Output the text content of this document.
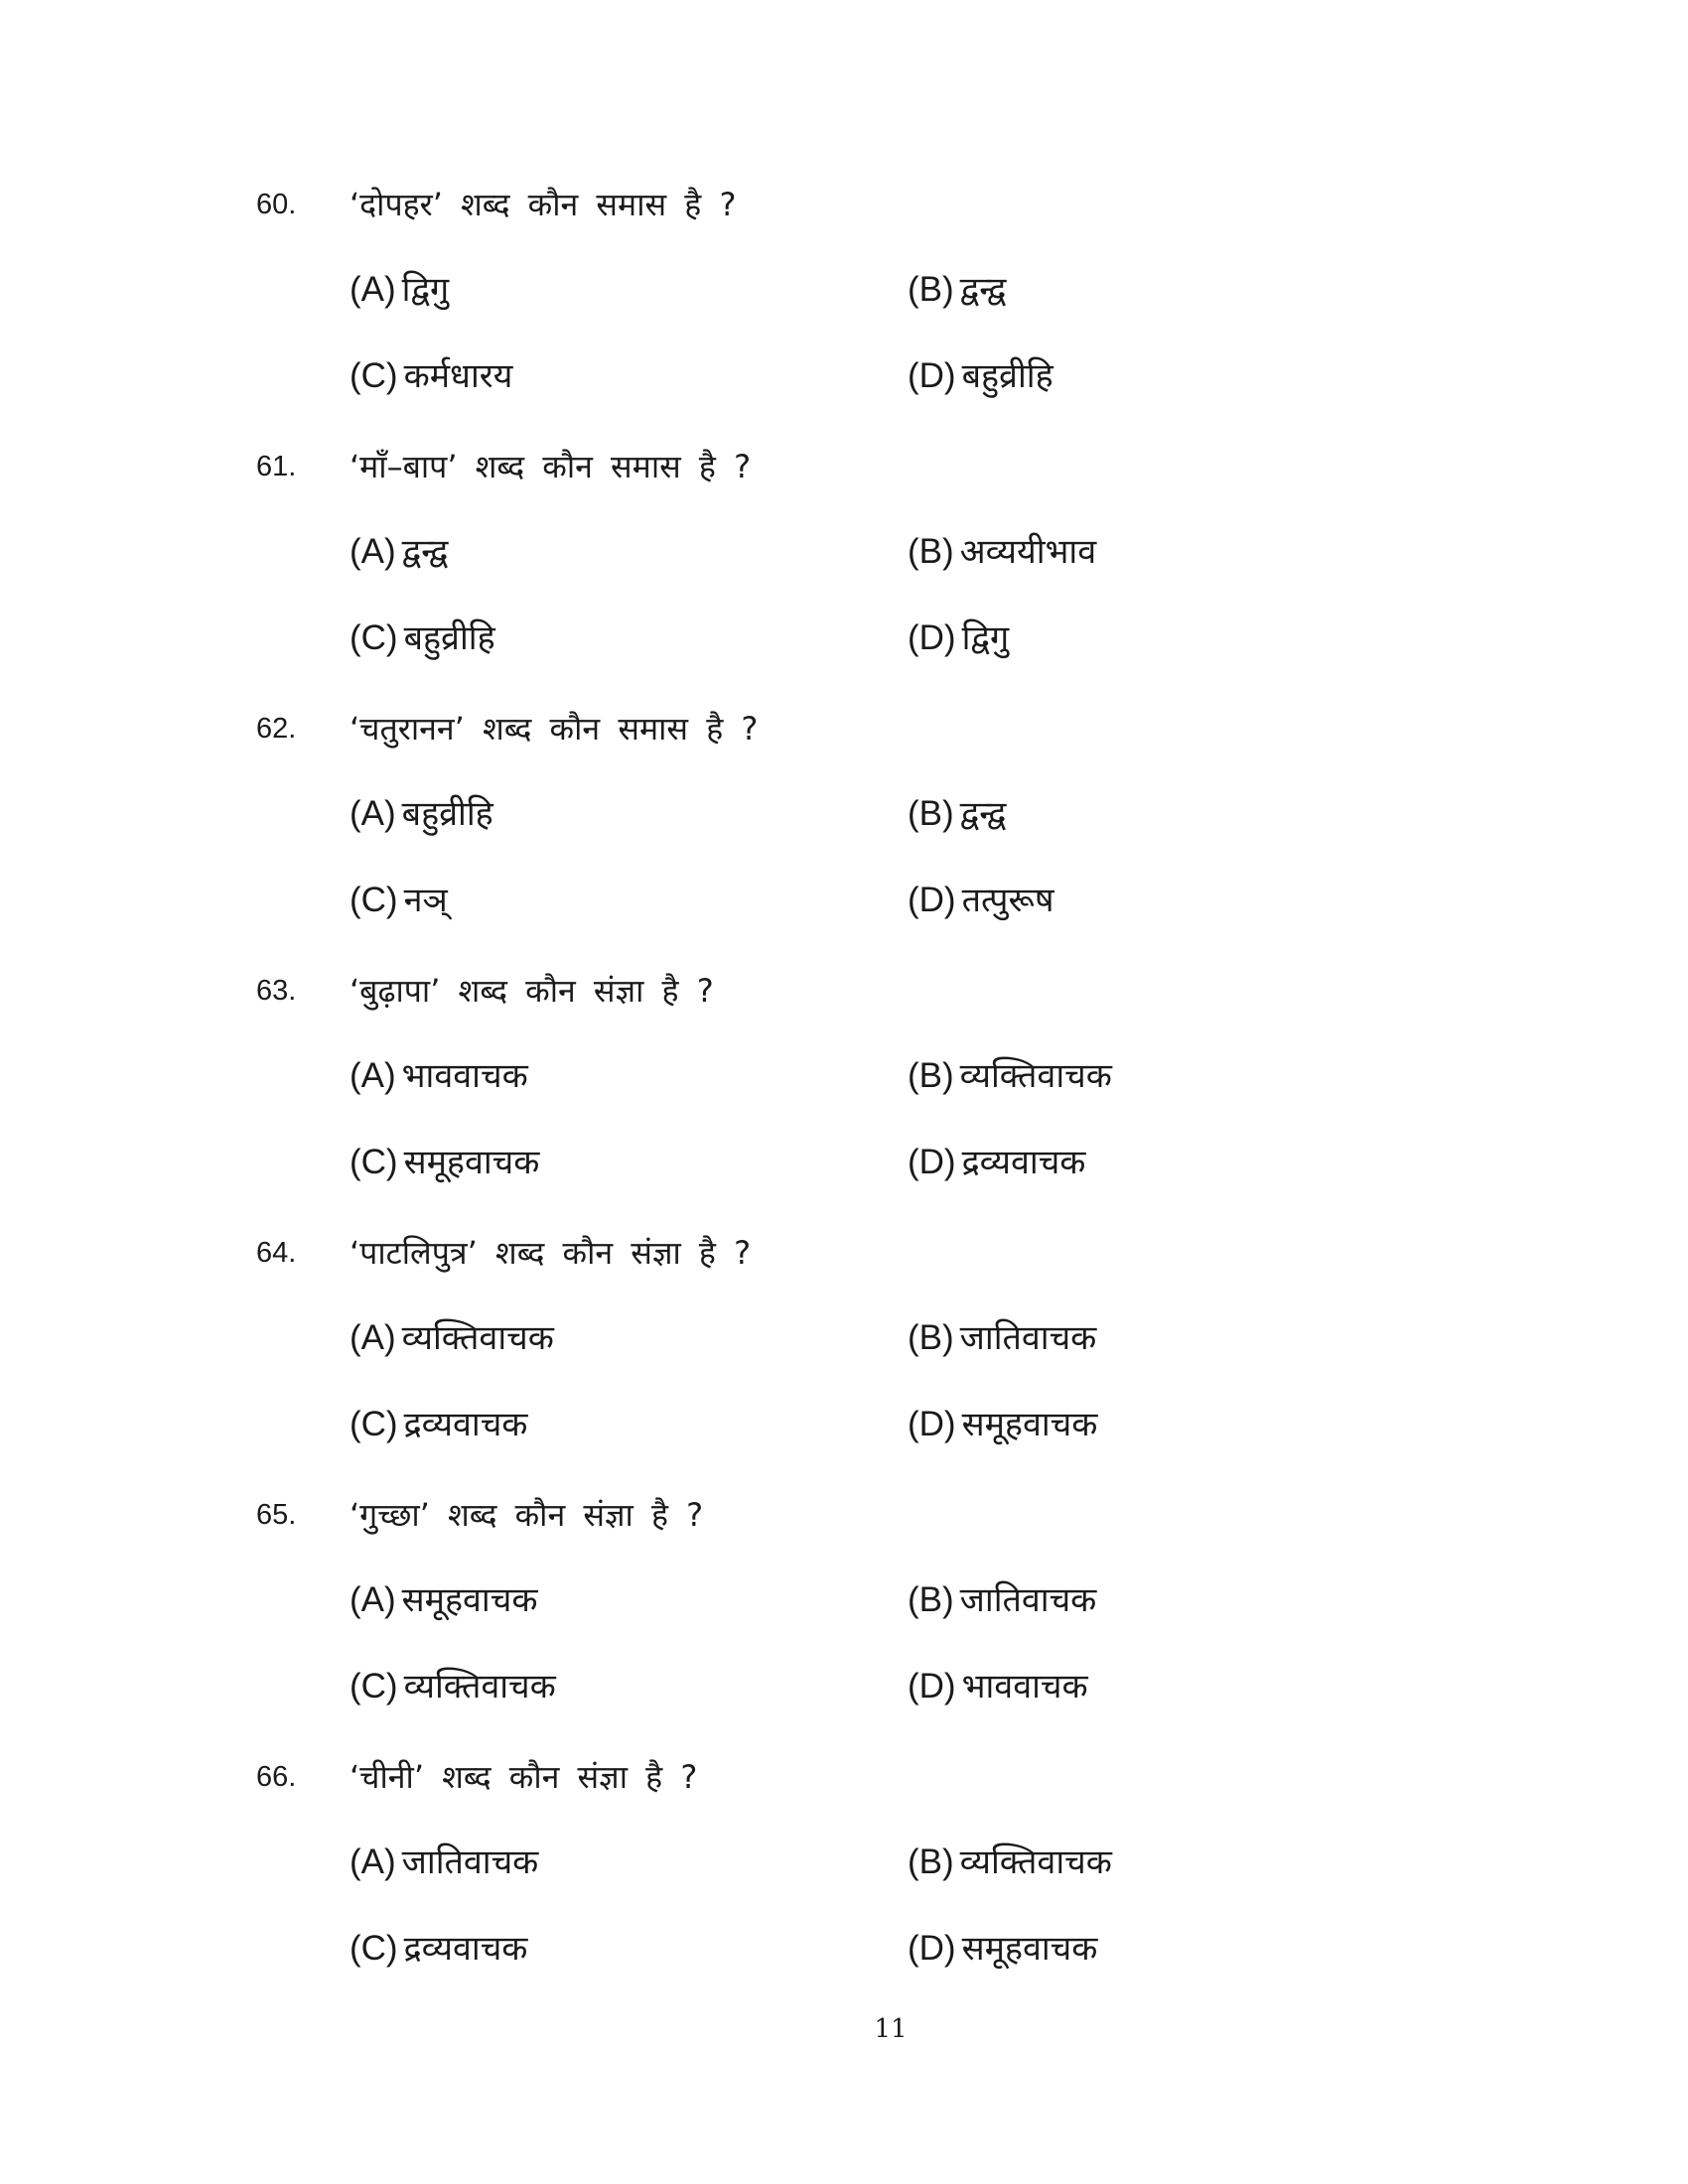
60. ‘दोपहर’ शब्द कौन समास है ?
(A) द्विगु	(B) द्वन्द्व
(C) कर्मधारय	(D) बहुव्रीहि
61. ‘माँ–बाप’ शब्द कौन समास है ?
(A) द्वन्द्व	(B) अव्ययीभाव
(C) बहुव्रीहि	(D) द्विगु
62. ‘चतुरानन’ शब्द कौन समास है ?
(A) बहुव्रीहि	(B) द्वन्द्व
(C) नञ्	(D) तत्पुरूष
63. ‘बुढ़ापा’ शब्द कौन संज्ञा है ?
(A) भाववाचक	(B) व्यक्तिवाचक
(C) समूहवाचक	(D) द्रव्यवाचक
64. ‘पाटलिपुत्र’ शब्द कौन संज्ञा है ?
(A) व्यक्तिवाचक	(B) जातिवाचक
(C) द्रव्यवाचक	(D) समूहवाचक
65. ‘गुच्छा’ शब्द कौन संज्ञा है ?
(A) समूहवाचक	(B) जातिवाचक
(C) व्यक्तिवाचक	(D) भाववाचक
66. ‘चीनी’ शब्द कौन संज्ञा है ?
(A) जातिवाचक	(B) व्यक्तिवाचक
(C) द्रव्यवाचक	(D) समूहवाचक
11
